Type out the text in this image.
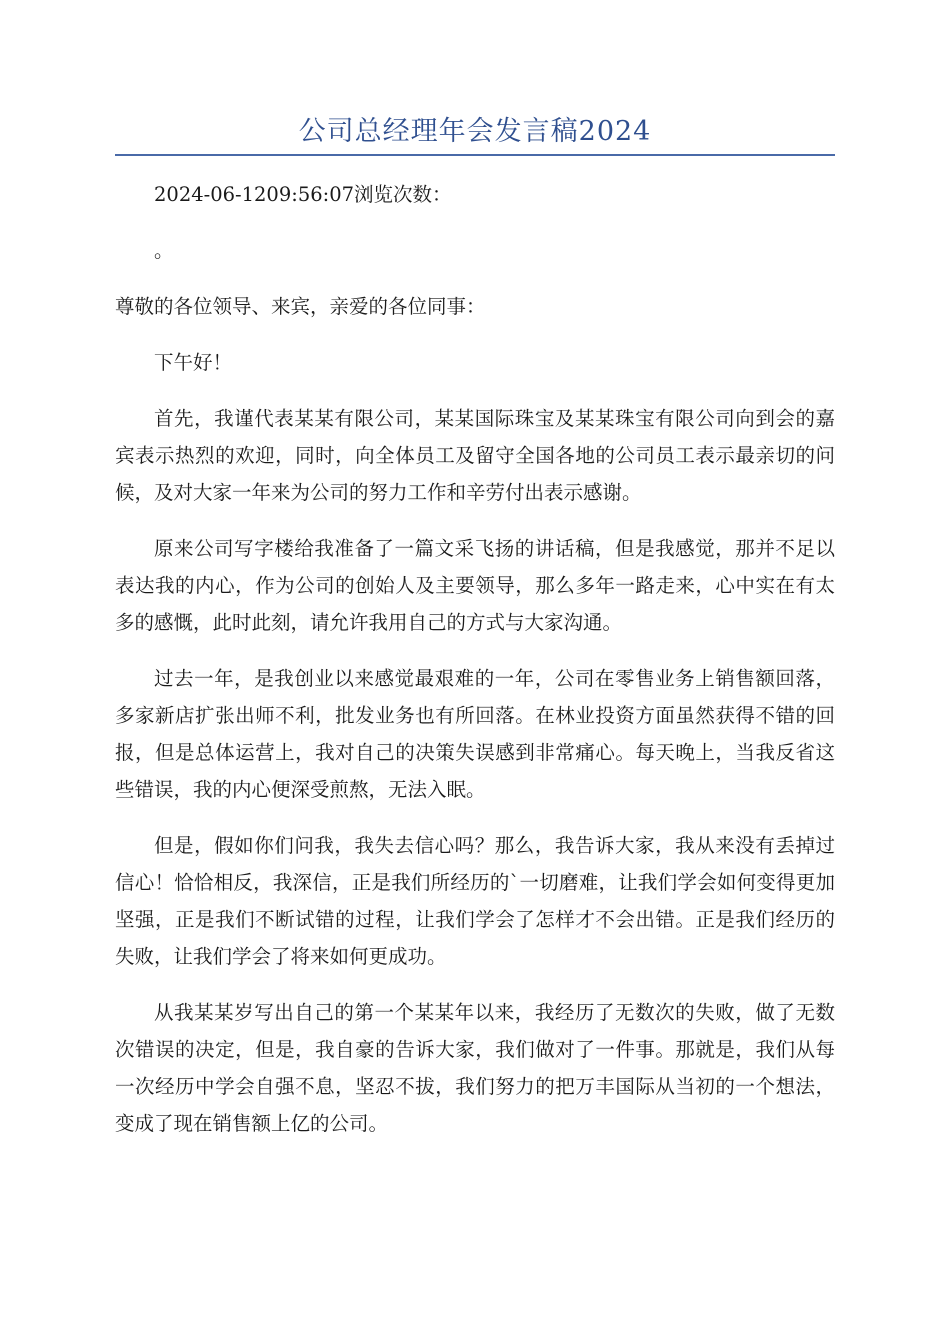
公司总经理年会发言稿2024

2024-06-1209:56:07浏览次数：

。

尊敬的各位领导、来宾，亲爱的各位同事：

下午好！

首先，我谨代表某某有限公司，某某国际珠宝及某某珠宝有限公司向到会的嘉宾表示热烈的欢迎，同时，向全体员工及留守全国各地的公司员工表示最亲切的问候，及对大家一年来为公司的努力工作和辛劳付出表示感谢。

原来公司写字楼给我准备了一篇文采飞扬的讲话稿，但是我感觉，那并不足以表达我的内心，作为公司的创始人及主要领导，那么多年一路走来，心中实在有太多的感慨，此时此刻，请允许我用自己的方式与大家沟通。

过去一年，是我创业以来感觉最艰难的一年，公司在零售业务上销售额回落，多家新店扩张出师不利，批发业务也有所回落。在林业投资方面虽然获得不错的回报，但是总体运营上，我对自己的决策失误感到非常痛心。每天晚上，当我反省这些错误，我的内心便深受煎熬，无法入眠。

但是，假如你们问我，我失去信心吗？那么，我告诉大家，我从来没有丢掉过信心！恰恰相反，我深信，正是我们所经历的`一切磨难，让我们学会如何变得更加坚强，正是我们不断试错的过程，让我们学会了怎样才不会出错。正是我们经历的失败，让我们学会了将来如何更成功。

从我某某岁写出自己的第一个某某年以来，我经历了无数次的失败，做了无数次错误的决定，但是，我自豪的告诉大家，我们做对了一件事。那就是，我们从每一次经历中学会自强不息，坚忍不拔，我们努力的把万丰国际从当初的一个想法，变成了现在销售额上亿的公司。
